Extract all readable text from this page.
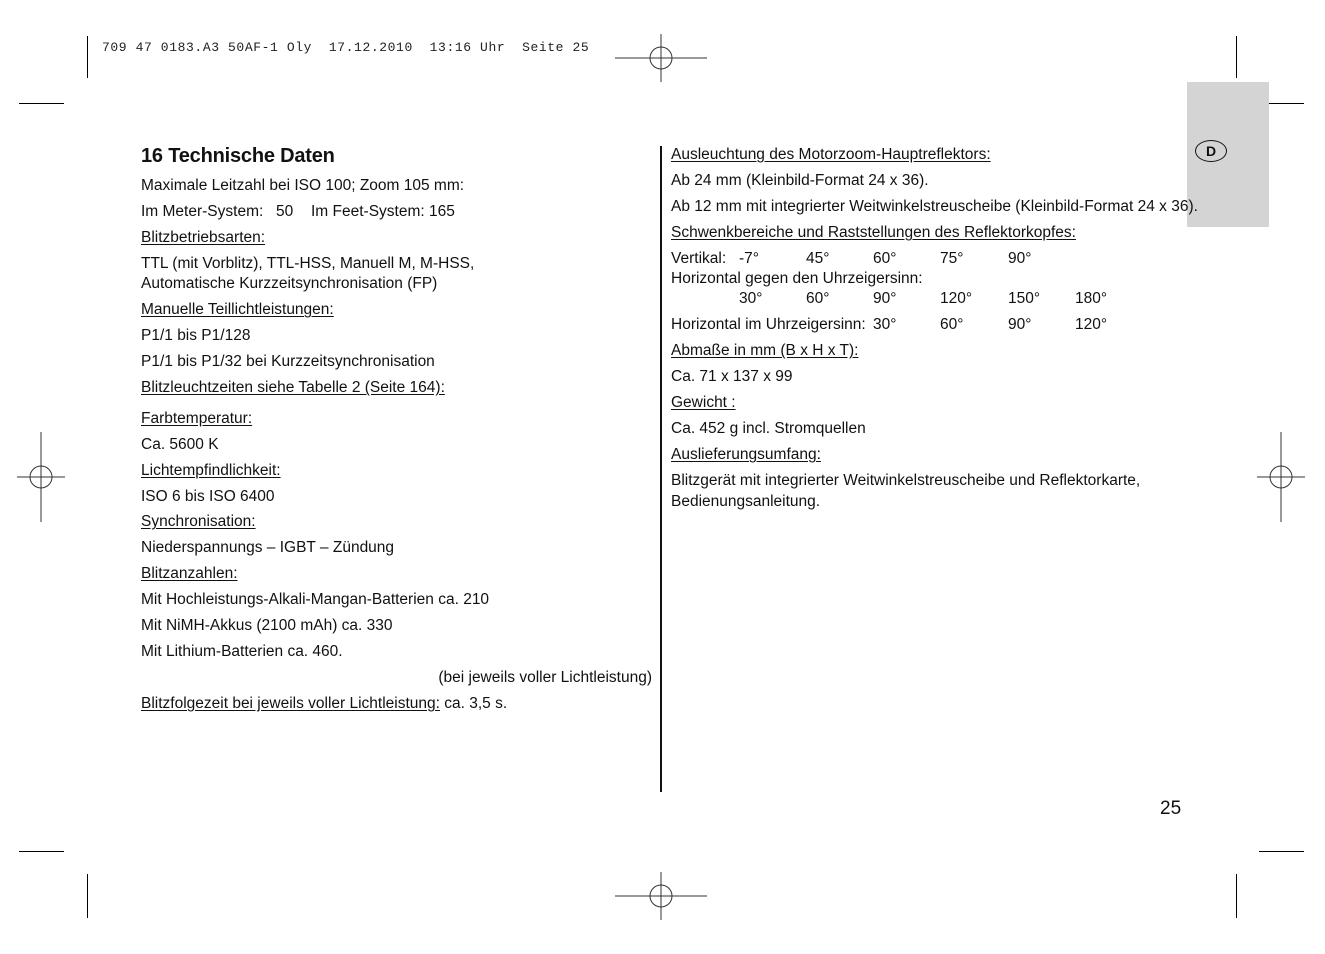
709 47 0183.A3 50AF-1 Oly  17.12.2010  13:16 Uhr  Seite 25
D
16 Technische Daten
Maximale Leitzahl bei ISO 100; Zoom 105 mm:
Im Meter-System: 50 Im Feet-System: 165
Blitzbetriebsarten:
TTL (mit Vorblitz), TTL-HSS, Manuell M, M-HSS,
Automatische Kurzzeitsynchronisation (FP)
Manuelle Teillichtleistungen:
P1/1 bis P1/128
P1/1 bis P1/32 bei Kurzzeitsynchronisation
Blitzleuchtzeiten siehe Tabelle 2 (Seite 164):
Farbtemperatur:
Ca. 5600 K
Lichtempfindlichkeit:
ISO 6 bis ISO 6400
Synchronisation:
Niederspannungs – IGBT – Zündung
Blitzanzahlen:
Mit Hochleistungs-Alkali-Mangan-Batterien ca. 210
Mit NiMH-Akkus (2100 mAh) ca. 330
Mit Lithium-Batterien ca. 460.
(bei jeweils voller Lichtleistung)
Blitzfolgezeit bei jeweils voller Lichtleistung: ca. 3,5 s.
Ausleuchtung des Motorzoom-Hauptreflektors:
Ab 24 mm (Kleinbild-Format 24 x 36).
Ab 12 mm mit integrierter Weitwinkelstreuscheibe (Kleinbild-Format 24 x 36).
Schwenkbereiche und Raststellungen des Reflektorkopfes:
Vertikal: -7°	45°	60°	75°	90°
Horizontal gegen den Uhrzeigersinn:
30°	60°	90°	120° 150° 180°
Horizontal im Uhrzeigersinn: 30°	60°	90°	120°
Abmaße in mm (B x H x T):
Ca. 71 x 137 x 99
Gewicht :
Ca. 452 g incl. Stromquellen
Auslieferungsumfang:
Blitzgerät mit integrierter Weitwinkelstreuscheibe und Reflektorkarte,
Bedienungsanleitung.
25
